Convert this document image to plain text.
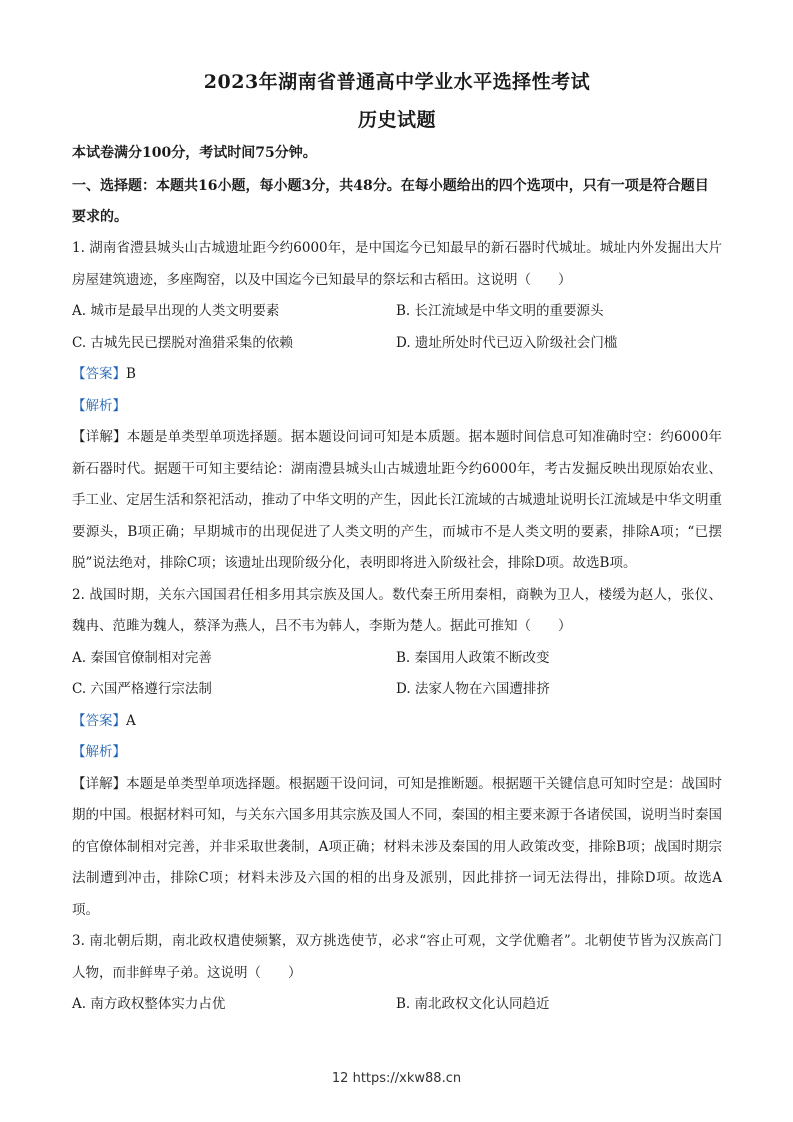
2023年湖南省普通高中学业水平选择性考试
历史试题
本试卷满分100分，考试时间75分钟。
一、选择题：本题共16小题，每小题3分，共48分。在每小题给出的四个选项中，只有一项是符合题目要求的。

1. 湖南省澧县城头山古城遗址距今约6000年，是中国迄今已知最早的新石器时代城址。城址内外发掘出大片房屋建筑遗迹，多座陶窑，以及中国迄今已知最早的祭坛和古稻田。这说明（　　）

A. 城市是最早出现的人类文明要素	B. 长江流域是中华文明的重要源头
C. 古城先民已摆脱对渔猎采集的依赖	D. 遗址所处时代已迈入阶级社会门槛

【答案】B

【解析】

【详解】本题是单类型单项选择题。据本题设问词可知是本质题。据本题时间信息可知准确时空：约6000年新石器时代。据题干可知主要结论：湖南澧县城头山古城遗址距今约6000年，考古发掘反映出现原始农业、手工业、定居生活和祭祀活动，推动了中华文明的产生，因此长江流域的古城遗址说明长江流域是中华文明重要源头，B项正确；早期城市的出现促进了人类文明的产生，而城市不是人类文明的要素，排除A项；“已摆脱”说法绝对，排除C项；该遗址出现阶级分化，表明即将进入阶级社会，排除D项。故选B项。

2. 战国时期，关东六国国君任相多用其宗族及国人。数代秦王所用秦相，商鞅为卫人，楼缓为赵人，张仪、魏冉、范雎为魏人，蔡泽为燕人，吕不韦为韩人，李斯为楚人。据此可推知（　　）

A. 秦国官僚制相对完善	B. 秦国用人政策不断改变
C. 六国严格遵行宗法制	D. 法家人物在六国遭排挤

【答案】A

【解析】

【详解】本题是单类型单项选择题。根据题干设问词，可知是推断题。根据题干关键信息可知时空是：战国时期的中国。根据材料可知，与关东六国多用其宗族及国人不同，秦国的相主要来源于各诸侯国，说明当时秦国的官僚体制相对完善，并非采取世袭制，A项正确；材料未涉及秦国的用人政策改变，排除B项；战国时期宗法制遭到冲击，排除C项；材料未涉及六国的相的出身及派别，因此排挤一词无法得出，排除D项。故选A项。

3. 南北朝后期，南北政权遣使频繁，双方挑选使节，必求“容止可观，文学优赡者”。北朝使节皆为汉族高门人物，而非鲜卑子弟。这说明（　　）

A. 南方政权整体实力占优	B. 南北政权文化认同趋近
12 https://xkw88.cn
